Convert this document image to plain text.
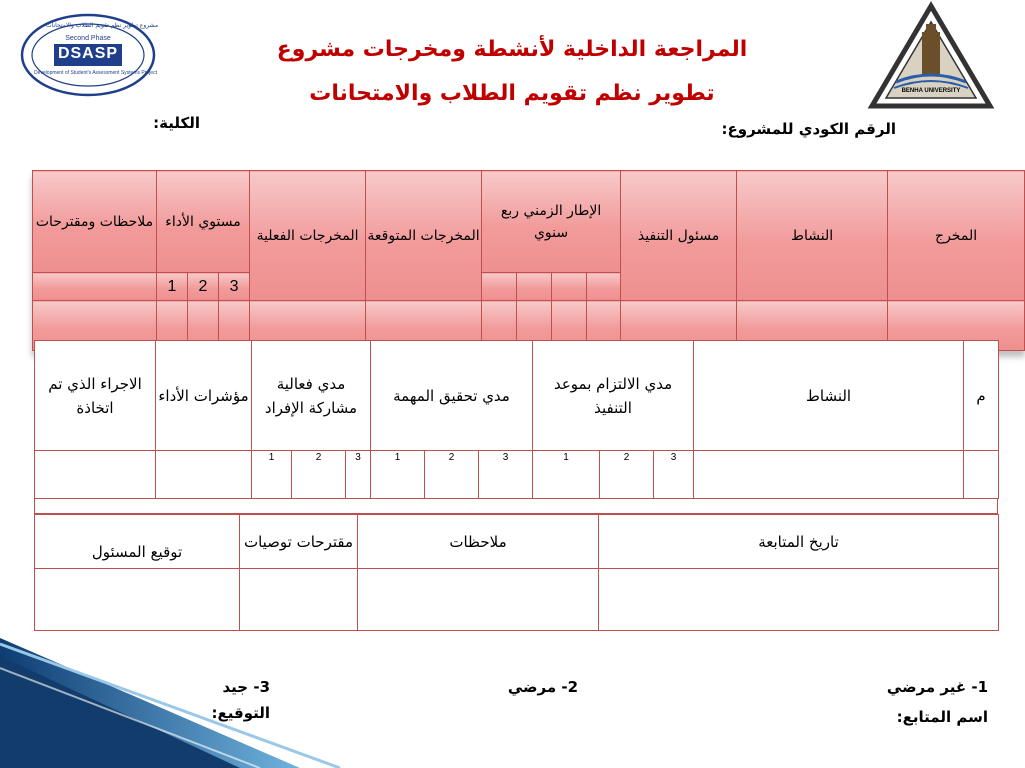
مشروع تطوير نظم تقويم الطلاب والامتحانات
Second Phase
DSASP
Development of Student's Assessment Systems Project
BENHA UNIVERSITY
المراجعة الداخلية لأنشطة ومخرجات مشروع
تطوير نظم تقويم الطلاب والامتحانات
الرقم الكودي للمشروع:
الكلية:
ملاحظات ومقترحات	مستوي الأداء			المخرجات الفعلية	المخرجات المتوقعة	الإطار الزمني ربع سنوي				مسئول التنفيذ	النشاط	المخرج
	1	2	3									

الاجراء الذي تم اتخاذة	مؤشرات الأداء	مدي فعالية مشاركة الإفراد			مدي تحقيق المهمة			مدي الالتزام بموعد التنفيذ			النشاط	م
		1	2	3	1	2	3	1	2	3		
توقيع المسئول	مقترحات توصيات	ملاحظات	تاريخ المتابعة

1- غير مرضي
2- مرضي
3- جيد
اسم المتابع:
التوقيع:
